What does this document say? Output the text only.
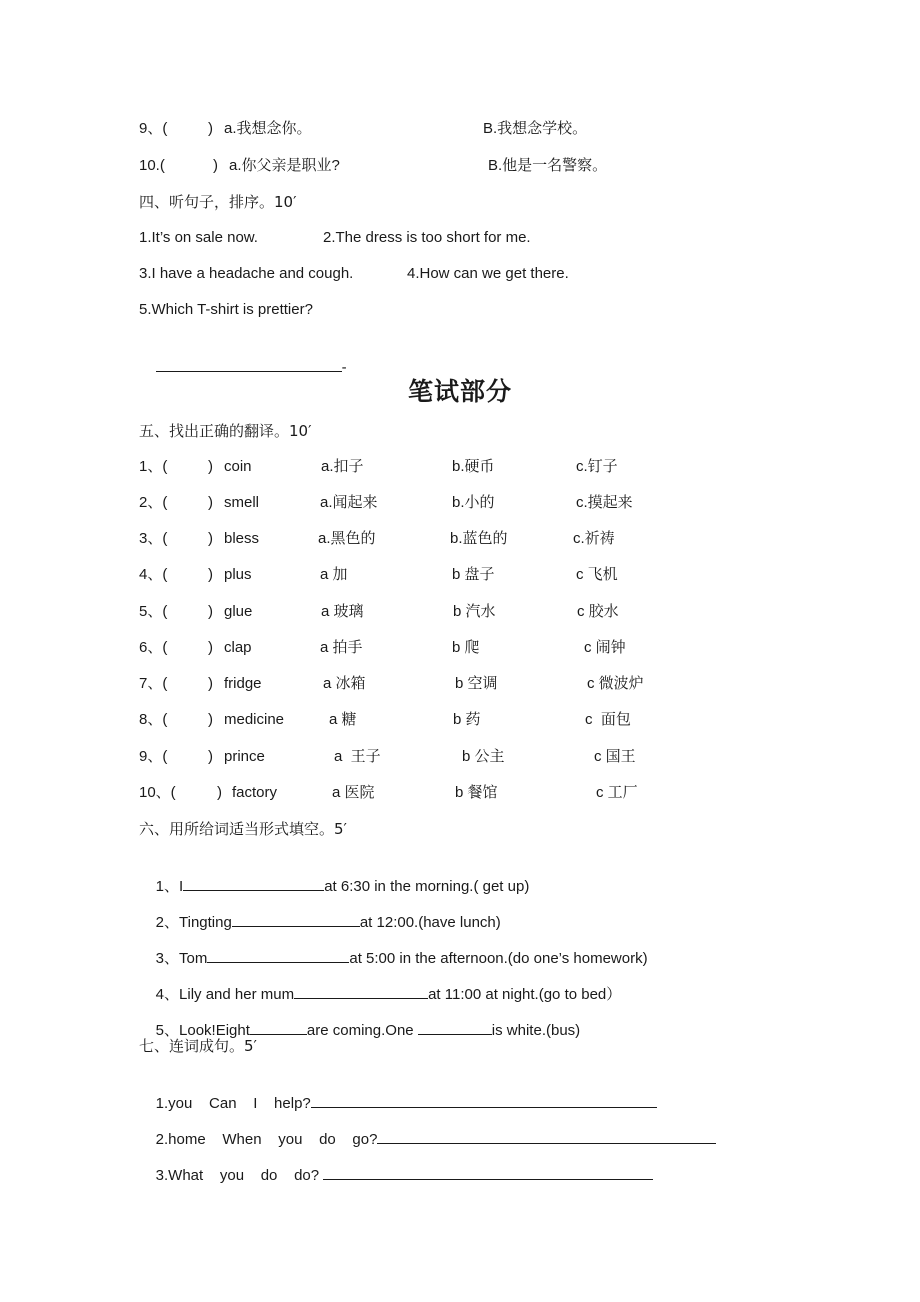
9、(	) a.我想念你。	B.我想念学校。
10.(	) a.你父亲是职业?	B.他是一名警察。
四、听句子，排序。10′
1.It’s on sale now.	2.The dress is too short for me.
3.I have a headache and cough.	4.How can we get there.
5.Which T-shirt is prettier?

-

笔试部分
五、找出正确的翻译。10′
1、(	) coin	a.扣子	b.硬币	c.钉子
2、(	) smell	a.闻起来	b.小的	c.摸起来
3、(	) bless	a.黑色的	b.蓝色的	c.祈祷
4、(	) plus	a 加	b 盘子	c 飞机
5、(	) glue	a 玻璃	b 汽水	c 胶水
6、(	) clap	a 拍手	b 爬	c 闹钟
7、(	) fridge	a 冰箱	b 空调	c 微波炉
8、(	) medicine	a 糖	b 药	c  面包
9、(	) prince	a  王子	b 公主	c 国王
10、(	) factory	a 医院	b 餐馆	c 工厂
六、用所给词适当形式填空。5′

1、I	at 6:30 in the morning.( get up)

2、Tingting	at 12:00.(have lunch)

3、Tom	at 5:00 in the afternoon.(do one’s homework)

4、Lily and her mum	at 11:00 at night.(go to bed）

5、Look!Eight	are coming.One	is white.(bus)

七、连词成句。5′

1.you    Can    I    help?

2.home    When    you    do    go?

3.What    you    do    do?
